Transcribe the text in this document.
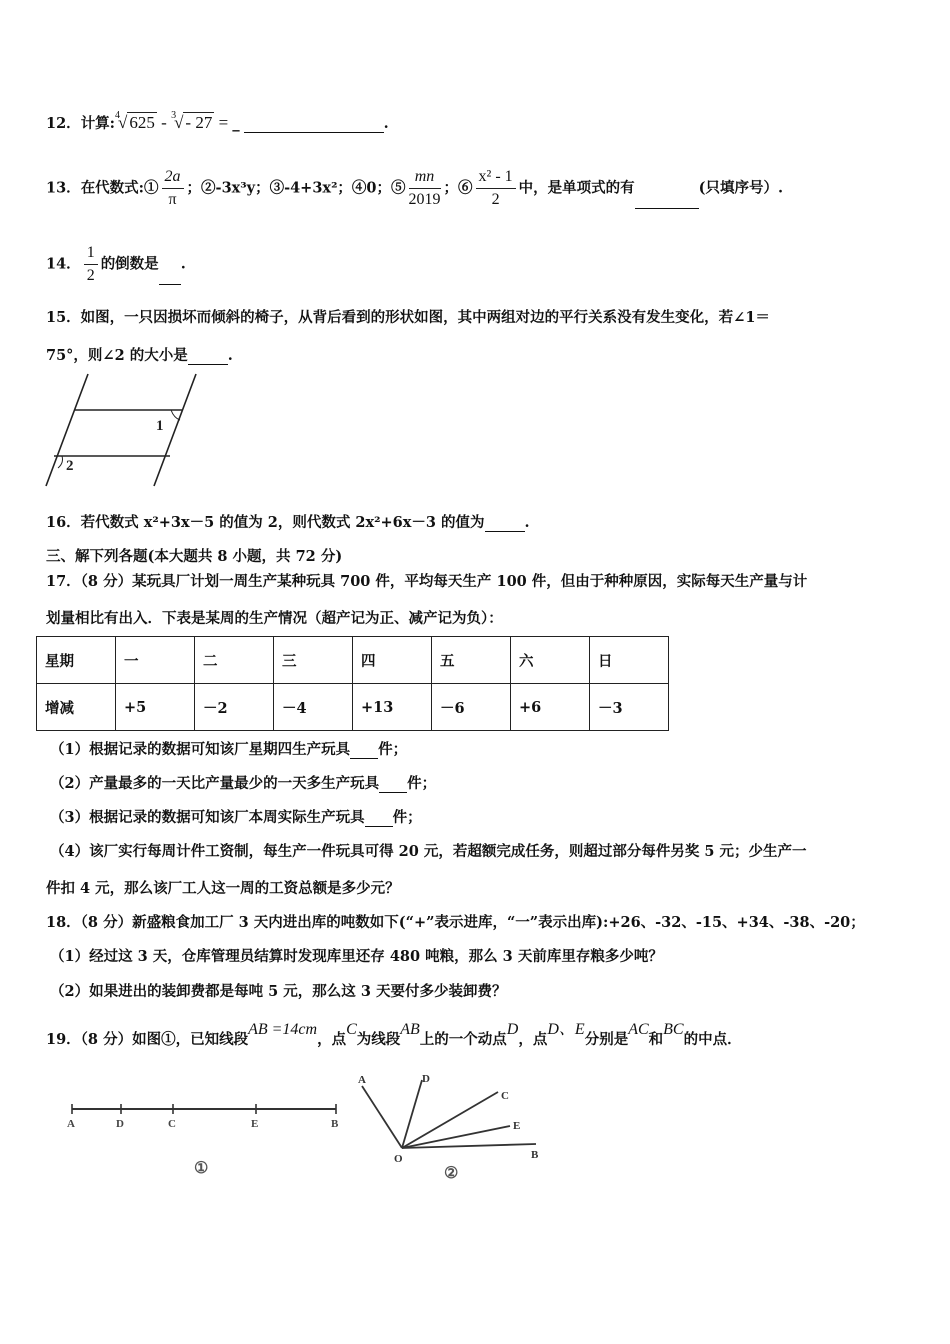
12．计算:$^4$√ 625 - $^3$√ - 27 = _	.
13．在代数式:① $\frac{2a}{\pi}$ ；②-3x³y；③-4+3x²；④0；⑤ $\frac{mn}{2019}$ ；⑥ $\frac{\text{x² - 1}}{2}$ 中，是单项式的有	(只填序号）.
14． $\frac{1}{2}$ 的倒数是 .
15．如图，一只因损坏而倾斜的椅子，从背后看到的形状如图，其中两组对边的平行关系没有发生变化，若∠1＝
75°，则∠2 的大小是	.
1
2
16．若代数式 x²+3x－5 的值为 2，则代数式 2x²+6x－3 的值为	.
三、解下列各题(本大题共 8 小题，共 72 分)
17．（8 分）某玩具厂计划一周生产某种玩具 700 件，平均每天生产 100 件，但由于种种原因，实际每天生产量与计
划量相比有出入．下表是某周的生产情况（超产记为正、减产记为负）：
星期	一	二	三	四	五	六	日
增减	+5	－2	－4	+13	－6	+6	－3
（1）根据记录的数据可知该厂星期四生产玩具 件；
（2）产量最多的一天比产量最少的一天多生产玩具 件；
（3）根据记录的数据可知该厂本周实际生产玩具 件；
（4）该厂实行每周计件工资制，每生产一件玩具可得 20 元，若超额完成任务，则超过部分每件另奖 5 元；少生产一
件扣 4 元，那么该厂工人这一周的工资总额是多少元？
18．（8 分）新盛粮食加工厂 3 天内进出库的吨数如下(“+”表示进库，“一”表示出库):+26、-32、-15、+34、-38、-20；
（1）经过这 3 天，仓库管理员结算时发现库里还存 480 吨粮，那么 3 天前库里存粮多少吨？
（2）如果进出的装卸费都是每吨 5 元，那么这 3 天要付多少装卸费？
19．（8 分）如图①，已知线段AB =14cm，点C为线段AB上的一个动点D，点D、E分别是AC和BC的中点．
A	D	C	E	B
①
A	D
C
E
B
O
②
